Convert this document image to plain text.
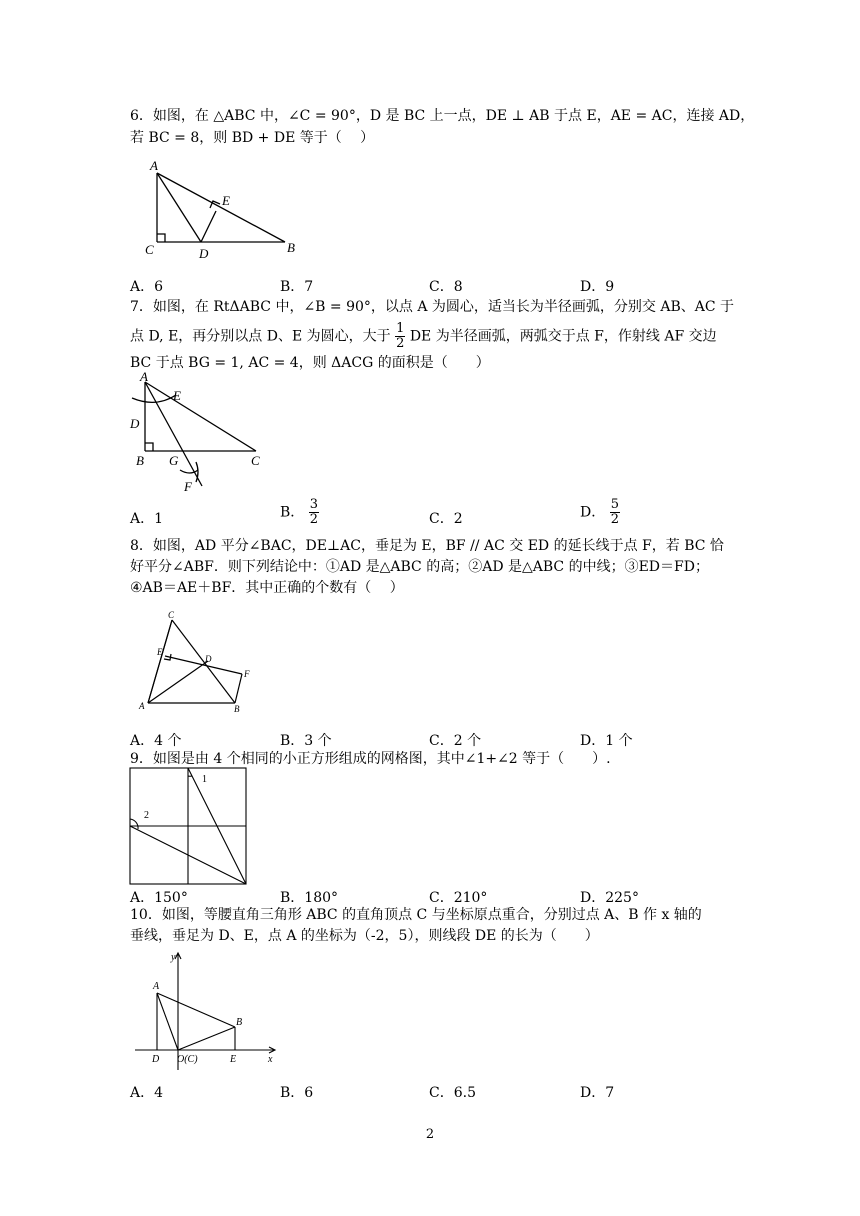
6．如图，在 △ABC 中，∠C = 90°，D 是 BC 上一点，DE ⊥ AB 于点 E，AE = AC，连接 AD，
若 BC = 8，则 BD + DE 等于（　 ）
A
E
C	D	B
A．6	B．7	C．8	D．9
7．如图，在 RtΔABC 中，∠B = 90°，以点 A 为圆心，适当长为半径画弧，分别交 AB、AC 于
点 D, E，再分别以点 D、E 为圆心，大于 $\frac{1}{2}$ DE 为半径画弧，两弧交于点 F，作射线 AF 交边
BC 于点 BG = 1, AC = 4，则 ΔACG 的面积是（　　）
A
E
D
B G	C
F
A．1	B． $\frac{3}{2}$	C．2	D． $\frac{5}{2}$
8．如图，AD 平分∠BAC，DE⊥AC，垂足为 E，BF // AC 交 ED 的延长线于点 F，若 BC 恰
好平分∠ABF．则下列结论中：①AD 是△ABC 的高；②AD 是△ABC 的中线；③ED＝FD；
④AB＝AE＋BF．其中正确的个数有（　 ）
C
E
D
F
A	B
A．4 个	B．3 个	C．2 个	D．1 个
9．如图是由 4 个相同的小正方形组成的网格图，其中∠1+∠2 等于（　　）.
1
2
A．150°	B．180°	C．210°	D．225°
10．如图，等腰直角三角形 ABC 的直角顶点 C 与坐标原点重合，分别过点 A、B 作 x 轴的
垂线，垂足为 D、E，点 A 的坐标为（-2，5），则线段 DE 的长为（　　）
y
A
B
D O(C)	E	x
A．4	B．6	C．6.5	D．7
2
